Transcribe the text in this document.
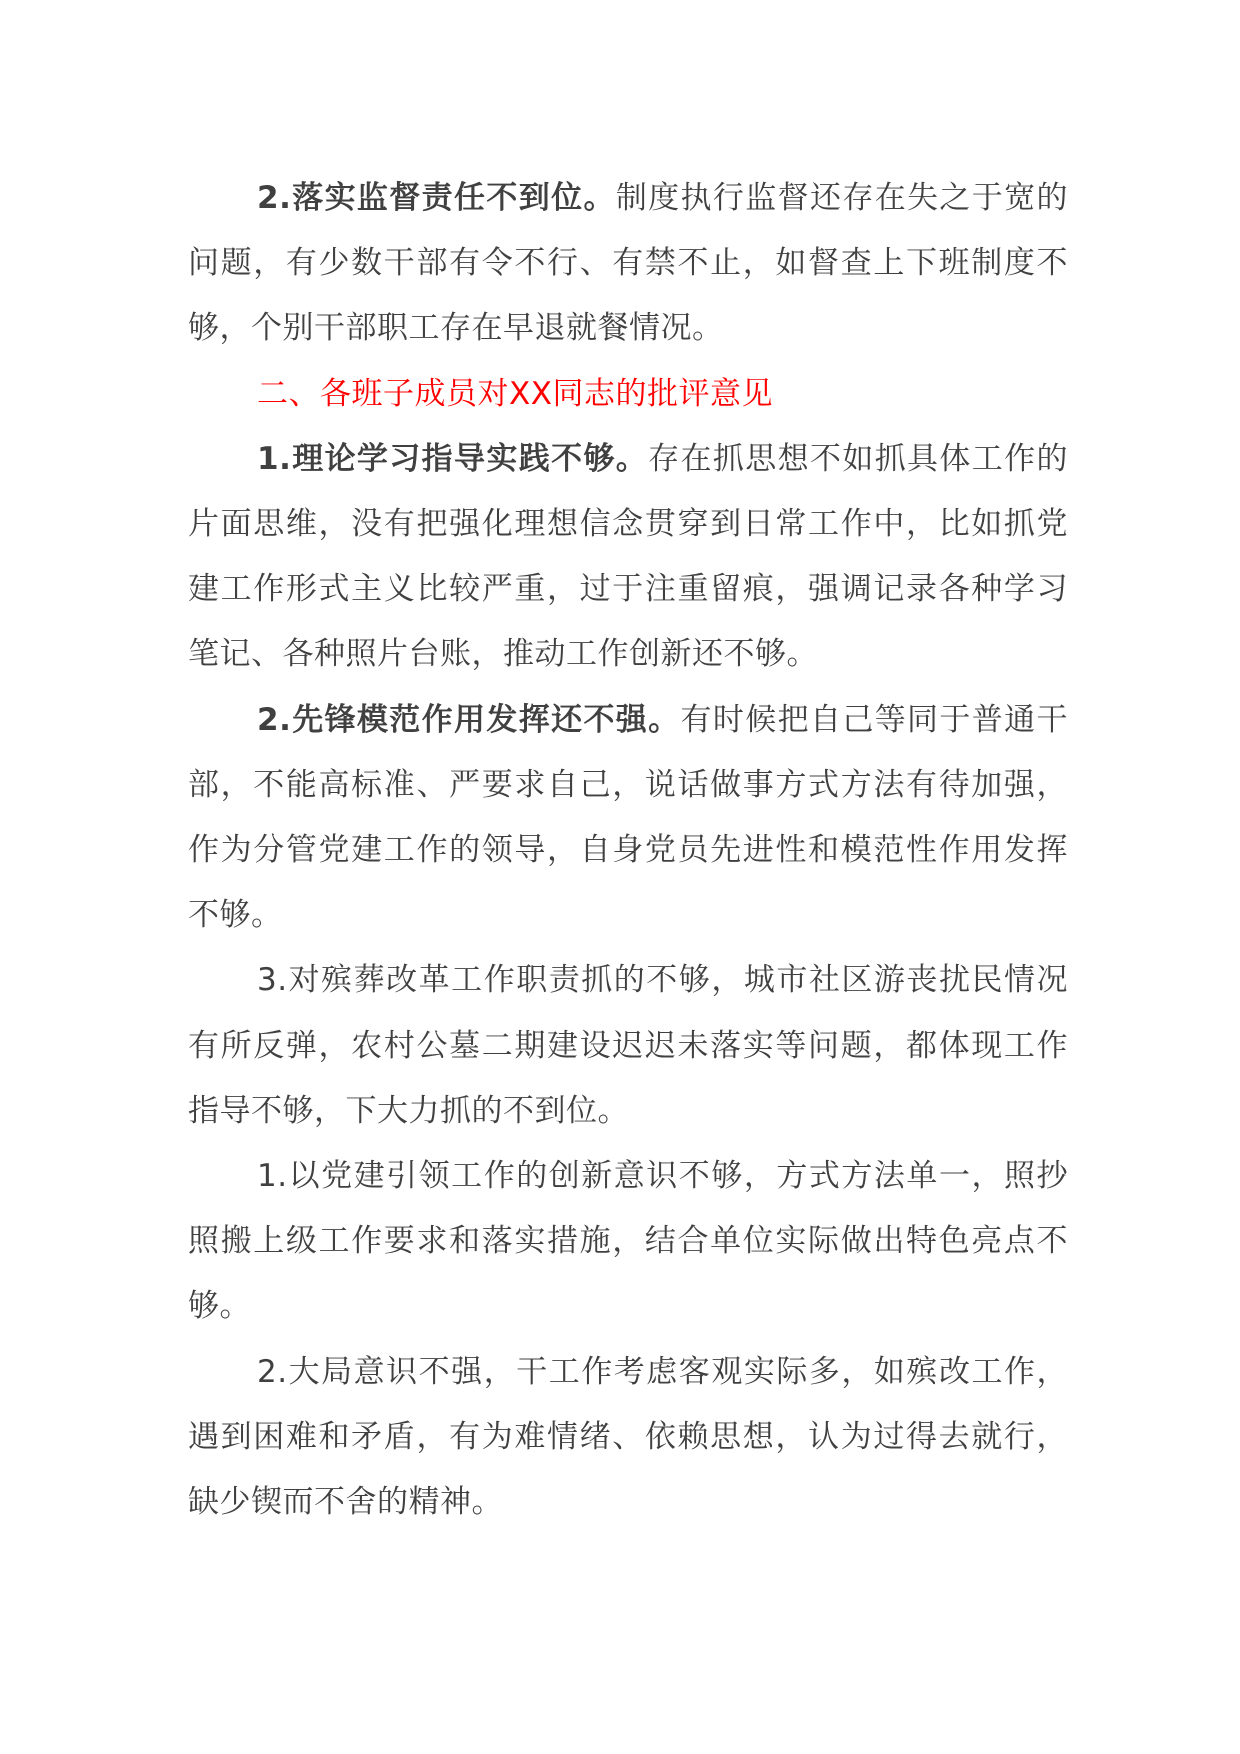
2.落实监督责任不到位。制度执行监督还存在失之于宽的问题，有少数干部有令不行、有禁不止，如督查上下班制度不够，个别干部职工存在早退就餐情况。

二、各班子成员对XX同志的批评意见

1.理论学习指导实践不够。存在抓思想不如抓具体工作的片面思维，没有把强化理想信念贯穿到日常工作中，比如抓党建工作形式主义比较严重，过于注重留痕，强调记录各种学习笔记、各种照片台账，推动工作创新还不够。

2.先锋模范作用发挥还不强。有时候把自己等同于普通干部，不能高标准、严要求自己，说话做事方式方法有待加强，作为分管党建工作的领导，自身党员先进性和模范性作用发挥不够。

3.对殡葬改革工作职责抓的不够，城市社区游丧扰民情况有所反弹，农村公墓二期建设迟迟未落实等问题，都体现工作指导不够，下大力抓的不到位。

1.以党建引领工作的创新意识不够，方式方法单一，照抄照搬上级工作要求和落实措施，结合单位实际做出特色亮点不够。

2.大局意识不强，干工作考虑客观实际多，如殡改工作，遇到困难和矛盾，有为难情绪、依赖思想，认为过得去就行，缺少锲而不舍的精神。
